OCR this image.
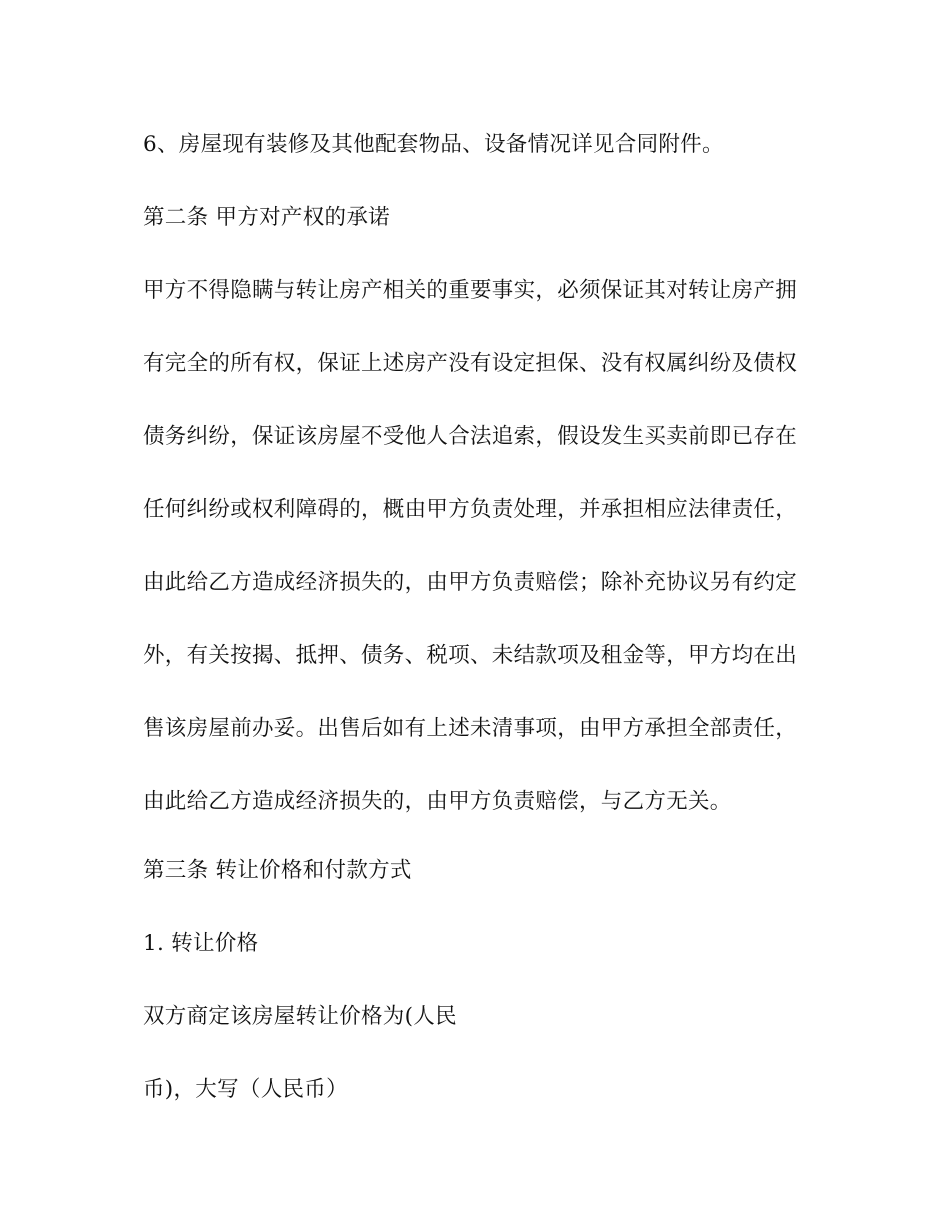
6、房屋现有装修及其他配套物品、设备情况详见合同附件。
第二条 甲方对产权的承诺
甲方不得隐瞒与转让房产相关的重要事实，必须保证其对转让房产拥
有完全的所有权，保证上述房产没有设定担保、没有权属纠纷及债权
债务纠纷，保证该房屋不受他人合法追索，假设发生买卖前即已存在
任何纠纷或权利障碍的，概由甲方负责处理，并承担相应法律责任，
由此给乙方造成经济损失的，由甲方负责赔偿；除补充协议另有约定
外，有关按揭、抵押、债务、税项、未结款项及租金等，甲方均在出
售该房屋前办妥。出售后如有上述未清事项，由甲方承担全部责任，
由此给乙方造成经济损失的，由甲方负责赔偿，与乙方无关。
第三条 转让价格和付款方式
1. 转让价格
双方商定该房屋转让价格为(人民
币)，大写（人民币）
